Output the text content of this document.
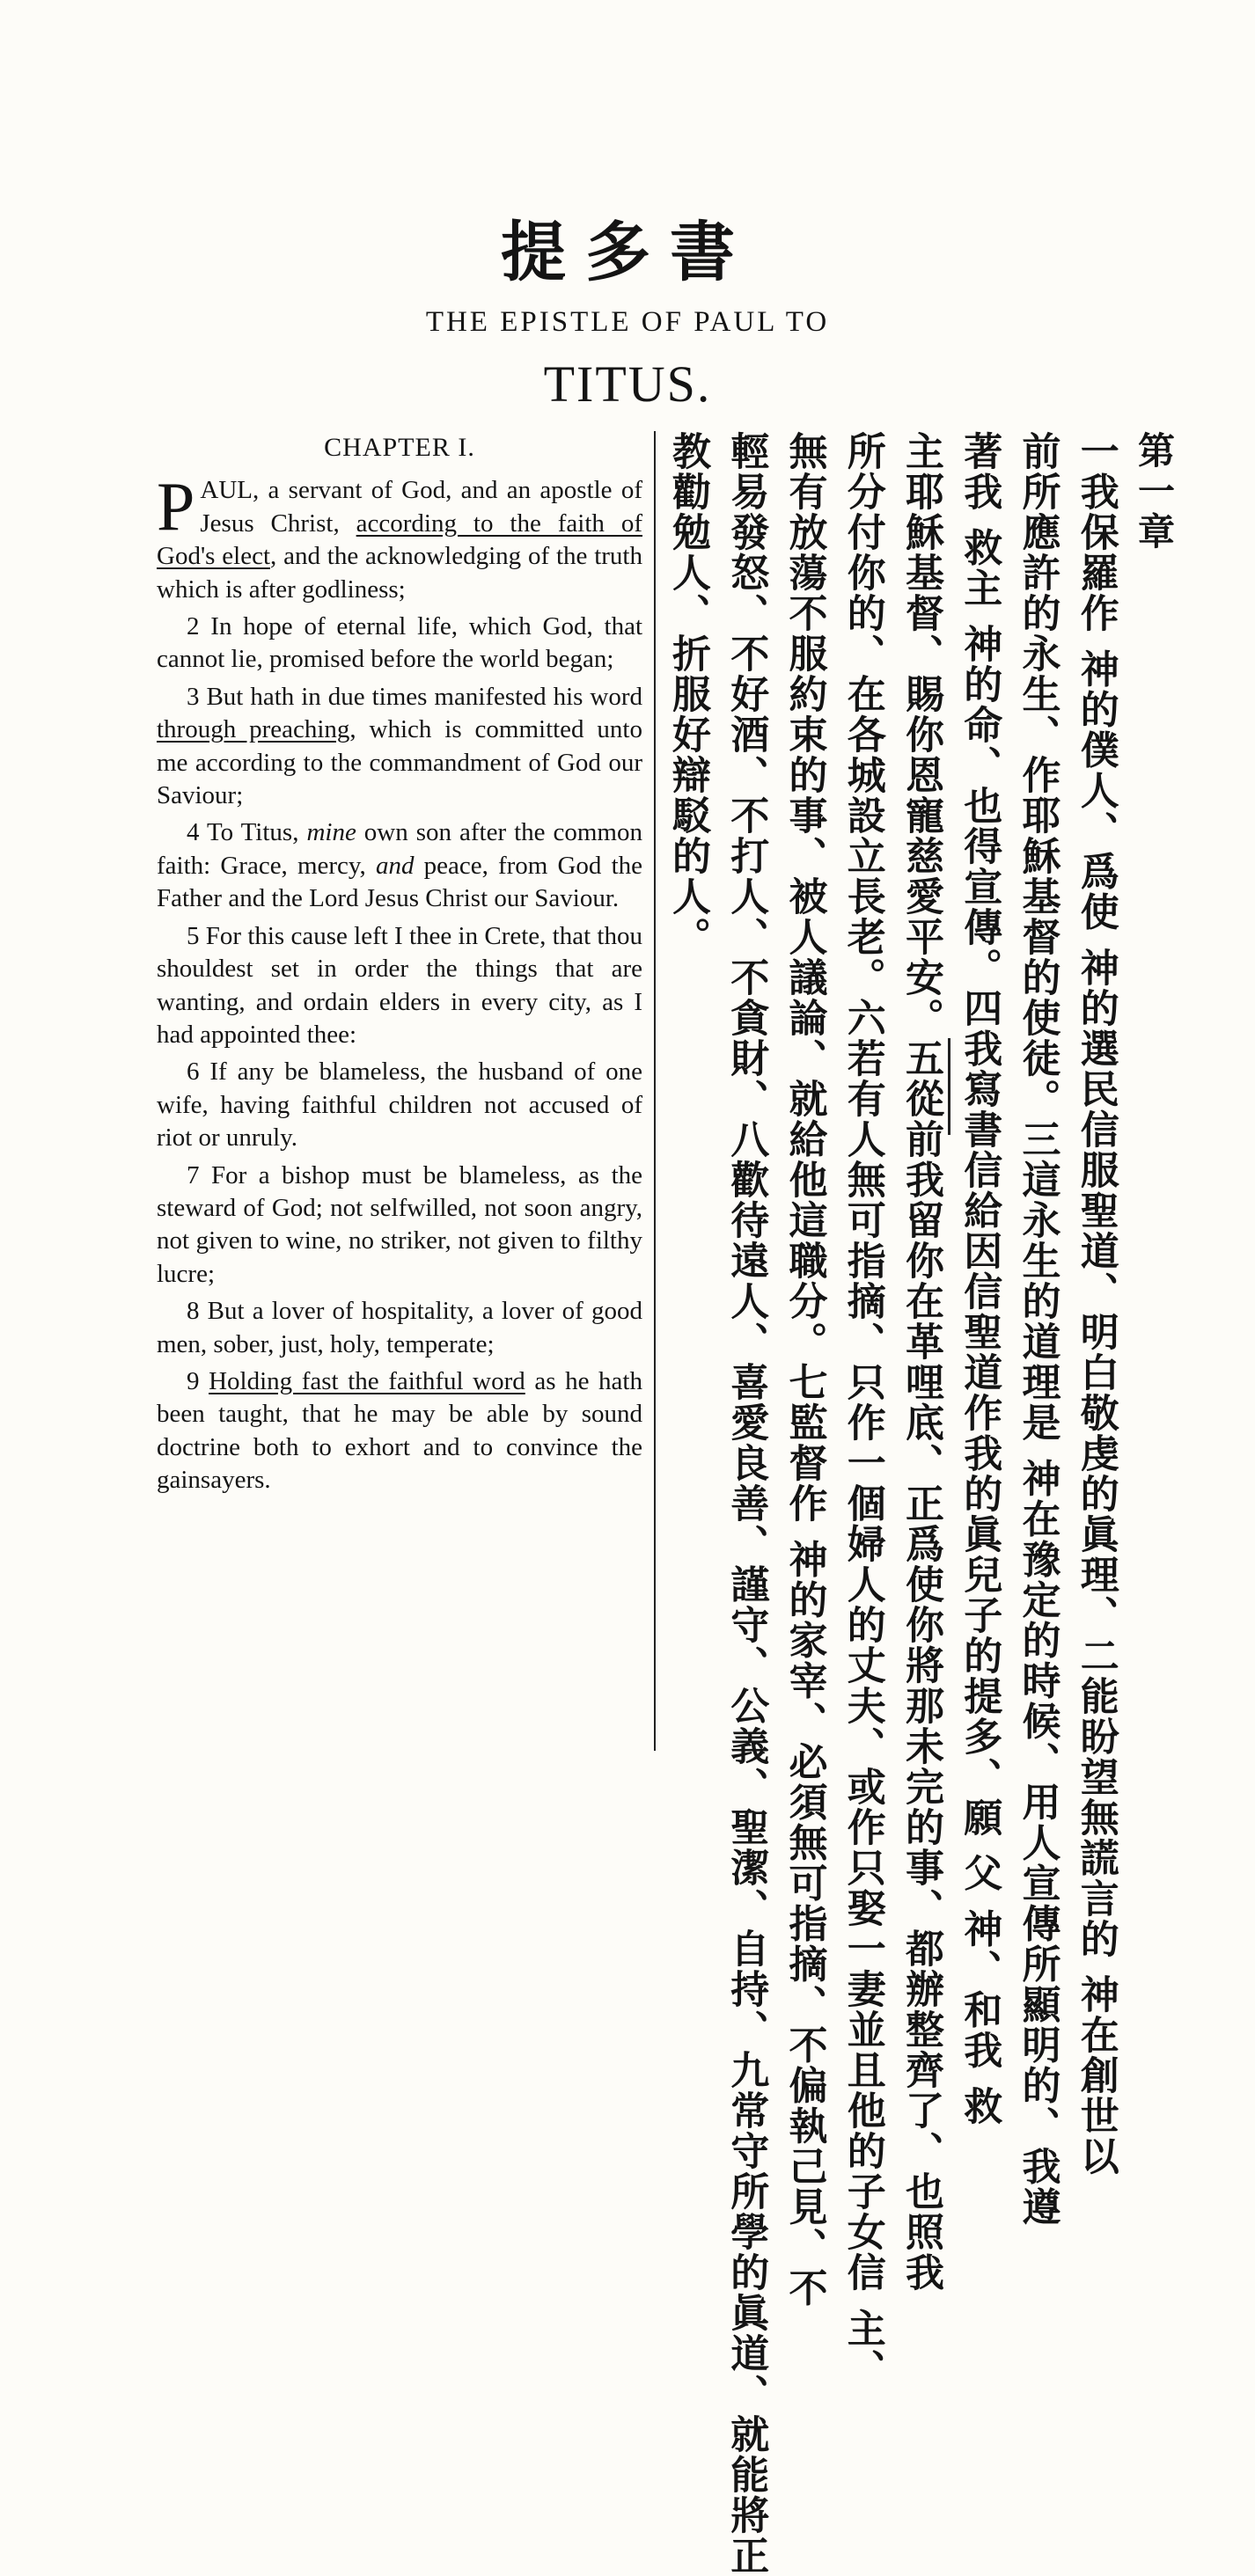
提多書
THE EPISTLE OF PAUL TO
TITUS.
CHAPTER I.

PAUL, a servant of God, and an apostle of Jesus Christ, according to the faith of God's elect, and the acknowledging of the truth which is after godliness;

2 In hope of eternal life, which God, that cannot lie, promised before the world began;

3 But hath in due times manifested his word through preaching, which is committed unto me according to the commandment of God our Saviour;

4 To Titus, mine own son after the common faith: Grace, mercy, and peace, from God the Father and the Lord Jesus Christ our Saviour.

5 For this cause left I thee in Crete, that thou shouldest set in order the things that are wanting, and ordain elders in every city, as I had appointed thee:

6 If any be blameless, the husband of one wife, having faithful children not accused of riot or unruly.

7 For a bishop must be blameless, as the steward of God; not selfwilled, not soon angry, not given to wine, no striker, not given to filthy lucre;

8 But a lover of hospitality, a lover of good men, sober, just, holy, temperate;

9 Holding fast the faithful word as he hath been taught, that he may be able by sound doctrine both to exhort and to convince the gainsayers.

第一章
一我保羅作 神的僕人、爲使 神的選民信服聖道、明白敬虔的眞理、二能盼望無謊言的 神在創世以
前所應許的永生、作耶穌基督的使徒。三這永生的道理是 神在豫定的時候、用人宣傳所顯明的、我遵
著我 救主 神的命、也得宣傳。四我寫書信給因信聖道作我的眞兒子的提多、願 父 神、和我 救
主耶穌基督、賜你恩寵慈愛平安。五從前我留你在革哩底、正爲使你將那未完的事、都辦整齊了、也照我
所分付你的、在各城設立長老。六若有人無可指摘、只作一個婦人的丈夫、或作只娶一妻並且他的子女信 主、
無有放蕩不服約束的事、被人議論、就給他這職分。七監督作 神的家宰、必須無可指摘、不偏執己見、不
輕易發怒、不好酒、不打人、不貪財、八歡待遠人、喜愛良善、謹守、公義、聖潔、自持、九常守所學的眞道、就能將正
教勸勉人、折服好辯駁的人。
